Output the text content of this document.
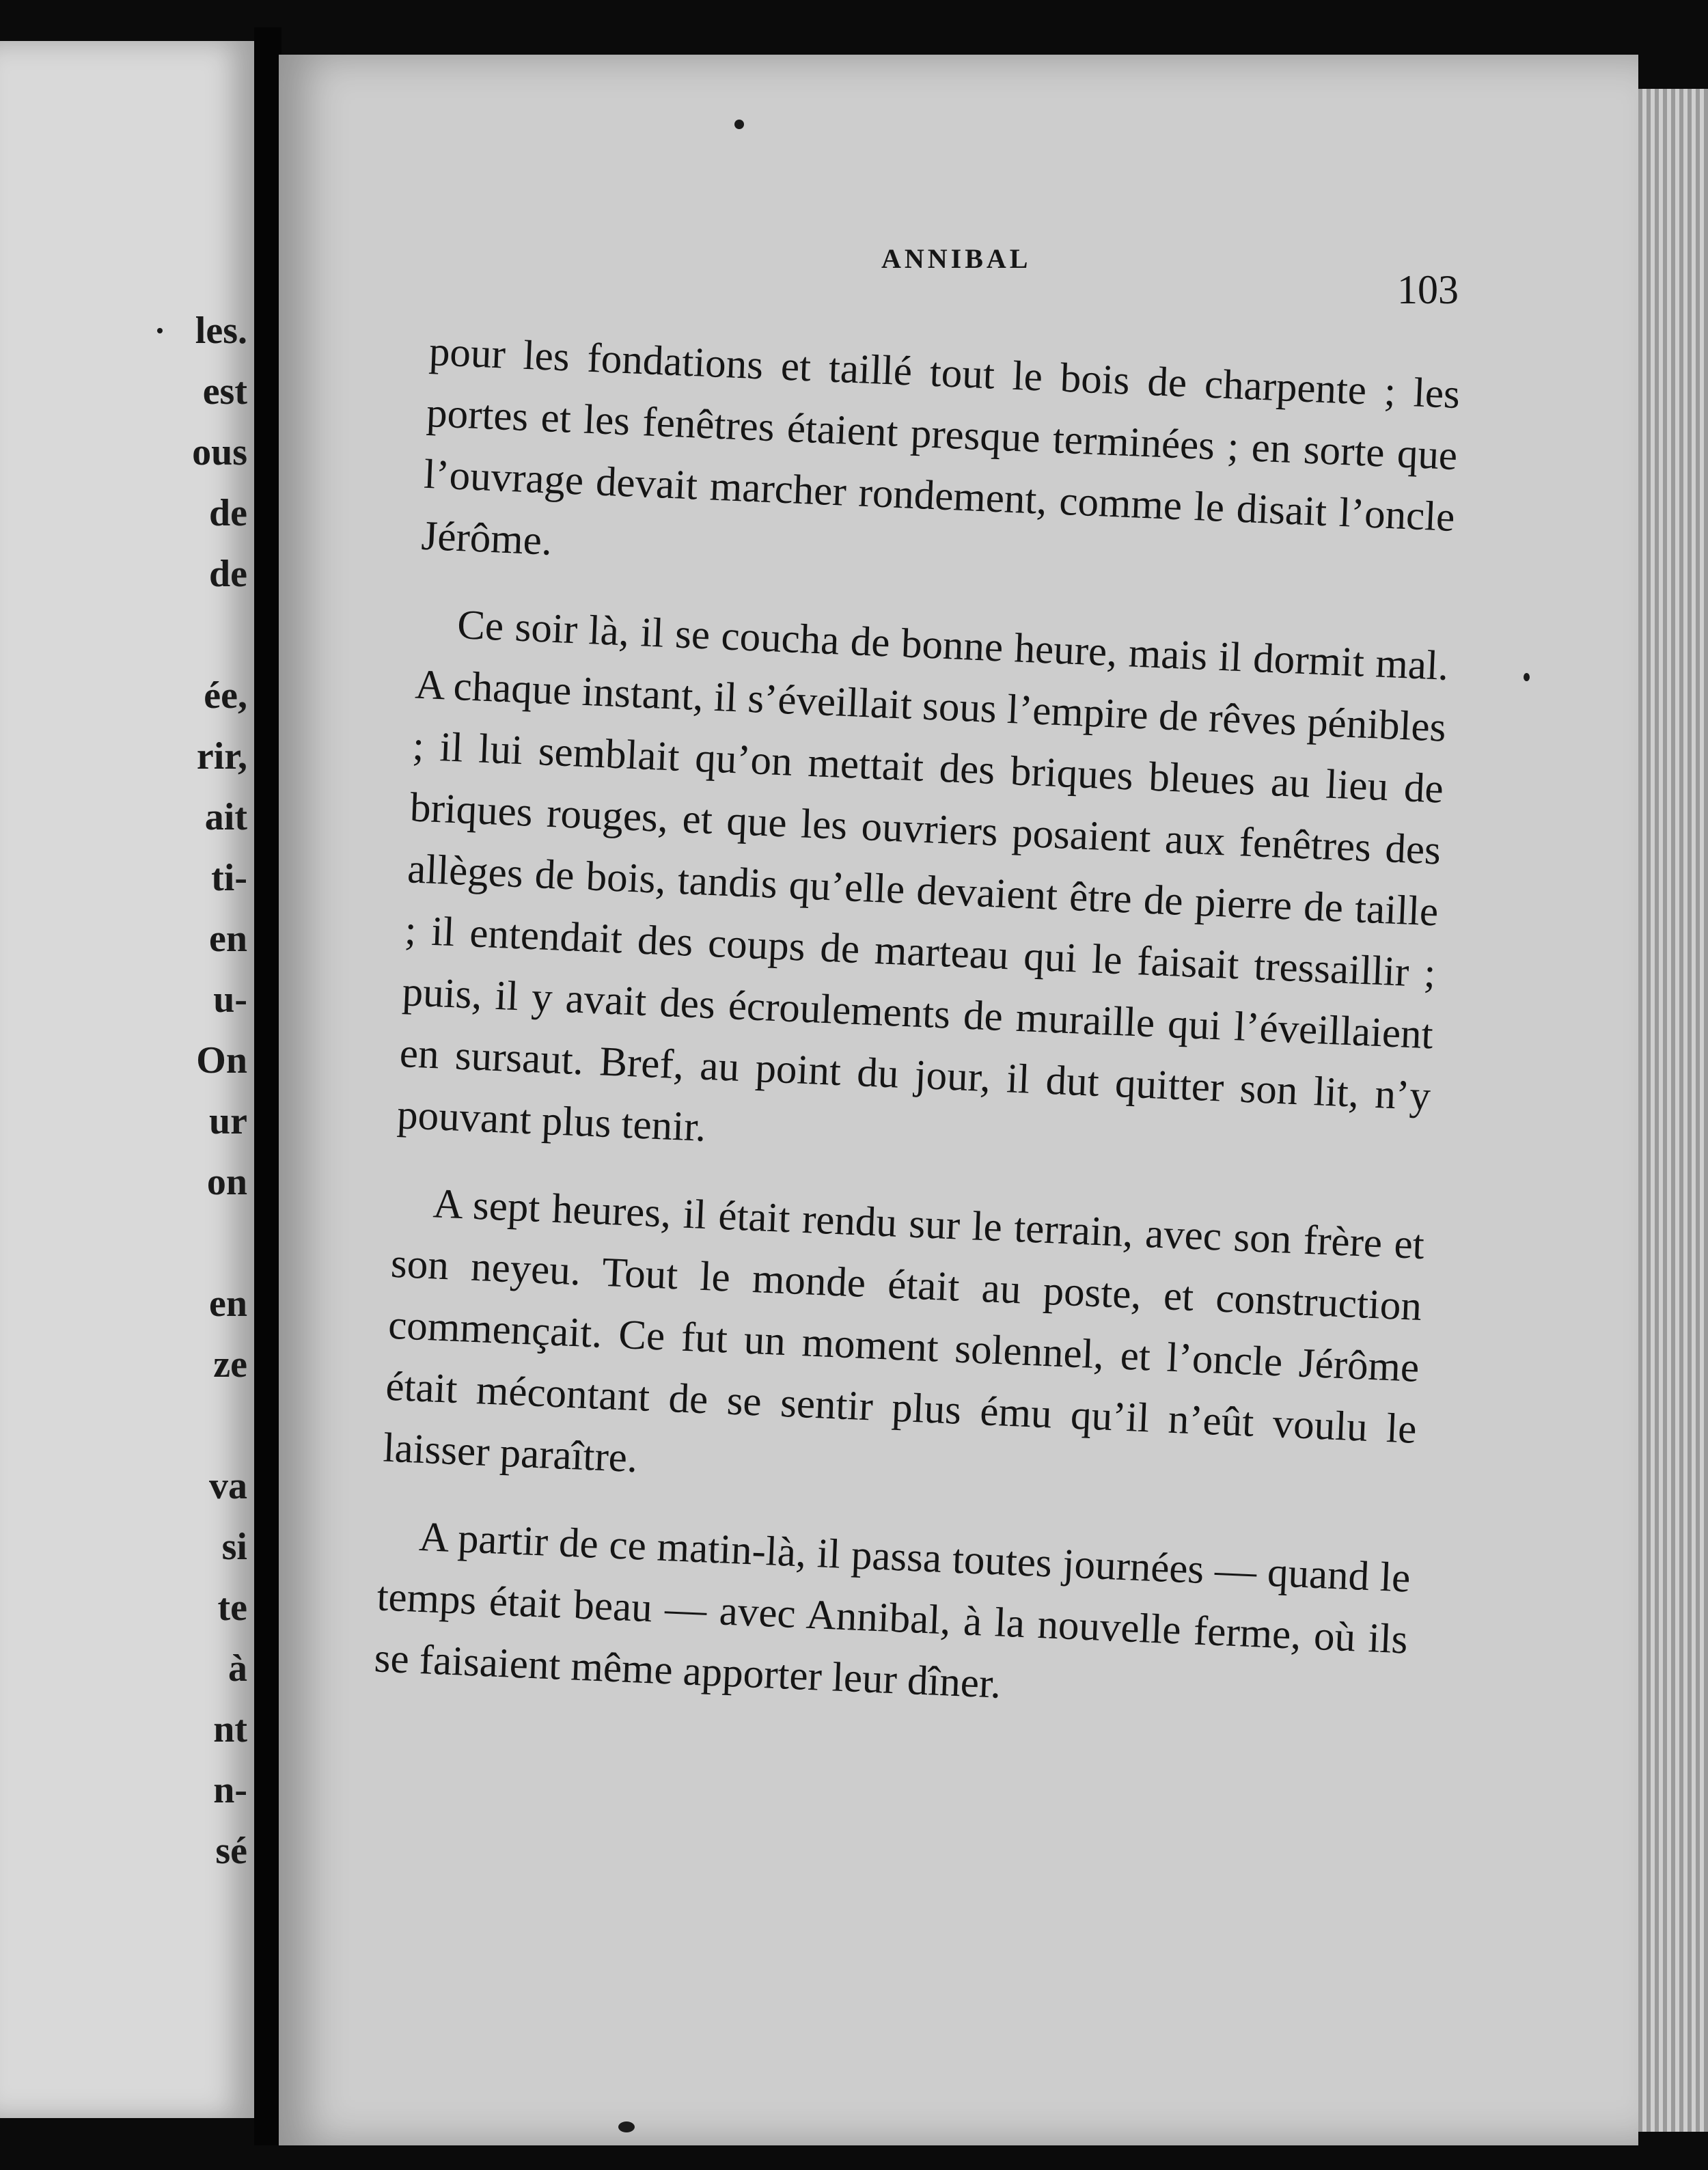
les.
est
ous
de
de
ée,
rir,
ait
ti-
en
u-
On
ur
on
en
ze
va
si
te
à
nt
n-
sé
ANNIBAL
103

pour les fondations et taillé tout le bois de charpente ; les portes et les fenêtres étaient presque terminées ; en sorte que l’ouvrage devait marcher rondement, comme le disait l’oncle Jérôme.

Ce soir là, il se coucha de bonne heure, mais il dormit mal. A chaque instant, il s’éveillait sous l’empire de rêves pénibles ; il lui semblait qu’on mettait des briques bleues au lieu de briques rouges, et que les ouvriers posaient aux fenêtres des allèges de bois, tandis qu’elle devaient être de pierre de taille ; il entendait des coups de marteau qui le faisait tressaillir ; puis, il y avait des écroulements de muraille qui l’éveillaient en sursaut. Bref, au point du jour, il dut quitter son lit, n’y pouvant plus tenir.

A sept heures, il était rendu sur le terrain, avec son frère et son neyeu. Tout le monde était au poste, et construction commençait. Ce fut un moment solennel, et l’oncle Jérôme était mécontant de se sentir plus ému qu’il n’eût voulu le laisser paraître.

A partir de ce matin-là, il passa toutes journées — quand le temps était beau — avec Annibal, à la nouvelle ferme, où ils se faisaient même apporter leur dîner.
